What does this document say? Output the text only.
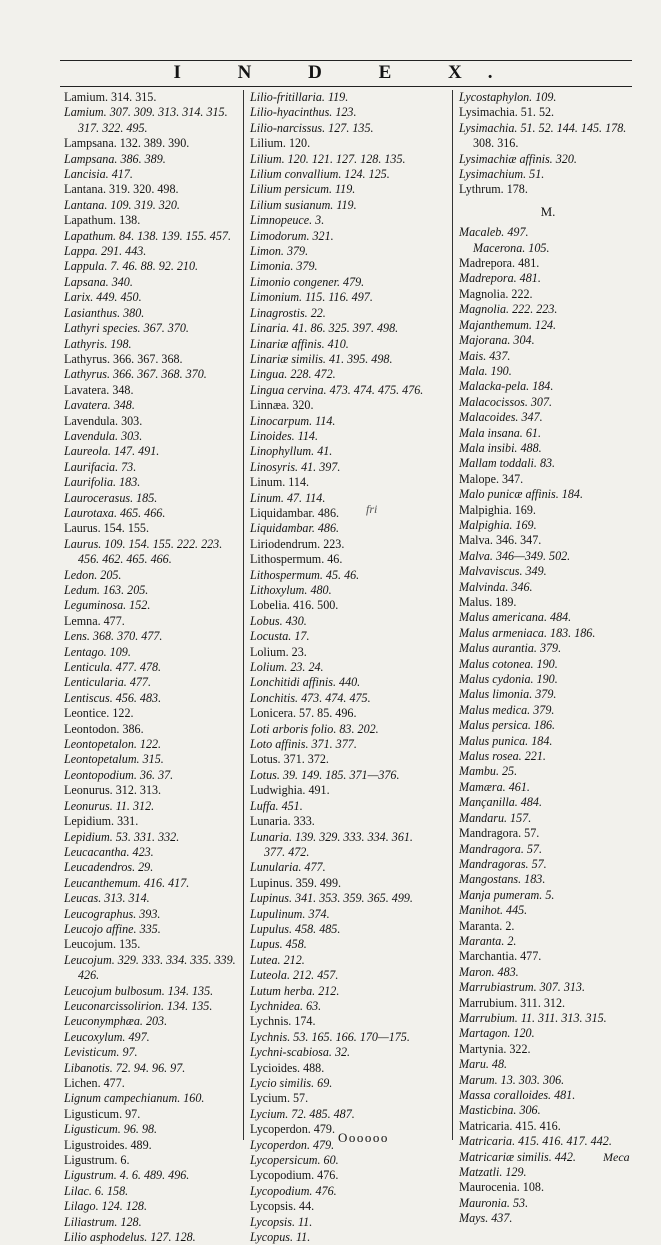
I N D E X.
Lamium. 314. 315.
Lamium. 307. 309. 313. 314. 315.
317. 322. 495.
Lampsana. 132. 389. 390.
Lampsana. 386. 389.
Lancisia. 417.
Lantana. 319. 320. 498.
Lantana. 109. 319. 320.
Lapathum. 138.
Lapathum. 84. 138. 139. 155. 457.
Lappa. 291. 443.
Lappula. 7. 46. 88. 92. 210.
Lapsana. 340.
Larix. 449. 450.
Lasianthus. 380.
Lathyri species. 367. 370.
Lathyris. 198.
Lathyrus. 366. 367. 368.
Lathyrus. 366. 367. 368. 370.
Lavatera. 348.
Lavatera. 348.
Lavendula. 303.
Lavendula. 303.
Laureola. 147. 491.
Laurifacia. 73.
Laurifolia. 183.
Laurocerasus. 185.
Laurotaxa. 465. 466.
Laurus. 154. 155.
Laurus. 109. 154. 155. 222. 223.
456. 462. 465. 466.
Ledon. 205.
Ledum. 163. 205.
Leguminosa. 152.
Lemna. 477.
Lens. 368. 370. 477.
Lentago. 109.
Lenticula. 477. 478.
Lenticularia. 477.
Lentiscus. 456. 483.
Leontice. 122.
Leontodon. 386.
Leontopetalon. 122.
Leontopetalum. 315.
Leontopodium. 36. 37.
Leonurus. 312. 313.
Leonurus. 11. 312.
Lepidium. 331.
Lepidium. 53. 331. 332.
Leucacantha. 423.
Leucadendros. 29.
Leucanthemum. 416. 417.
Leucas. 313. 314.
Leucographus. 393.
Leucojo affine. 335.
Leucojum. 135.
Leucojum. 329. 333. 334. 335. 339.
426.
Leucojum bulbosum. 134. 135.
Leuconarcissolirion. 134. 135.
Leuconymphæa. 203.
Leucoxylum. 497.
Levisticum. 97.
Libanotis. 72. 94. 96. 97.
Lichen. 477.
Lignum campechianum. 160.
Ligusticum. 97.
Ligusticum. 96. 98.
Ligustroides. 489.
Ligustrum. 6.
Ligustrum. 4. 6. 489. 496.
Lilac. 6. 158.
Lilago. 124. 128.
Liliastrum. 128.
Lilio asphodelus. 127. 128.
Lilio-fritillaria. 119.
Lilio-hyacinthus. 123.
Lilio-narcissus. 127. 135.
Lilium. 120.
Lilium. 120. 121. 127. 128. 135.
Lilium convallium. 124. 125.
Lilium persicum. 119.
Lilium susianum. 119.
Limnopeuce. 3.
Limodorum. 321.
Limon. 379.
Limonia. 379.
Limonio congener. 479.
Limonium. 115. 116. 497.
Linagrostis. 22.
Linaria. 41. 86. 325. 397. 498.
Linariæ affinis. 410.
Linariæ similis. 41. 395. 498.
Lingua. 228. 472.
Lingua cervina. 473. 474. 475. 476.
Linnæa. 320.
Linocarpum. 114.
Linoides. 114.
Linophyllum. 41.
Linosyris. 41. 397.
Linum. 114.
Linum. 47. 114.
Liquidambar. 486.
Liquidambar. 486.
Liriodendrum. 223.
Lithospermum. 46.
Lithospermum. 45. 46.
Lithoxylum. 480.
Lobelia. 416. 500.
Lobus. 430.
Locusta. 17.
Lolium. 23.
Lolium. 23. 24.
Lonchitidi affinis. 440.
Lonchitis. 473. 474. 475.
Lonicera. 57. 85. 496.
Loti arboris folio. 83. 202.
Loto affinis. 371. 377.
Lotus. 371. 372.
Lotus. 39. 149. 185. 371—376.
Ludwighia. 491.
Luffa. 451.
Lunaria. 333.
Lunaria. 139. 329. 333. 334. 361.
377. 472.
Lunularia. 477.
Lupinus. 359. 499.
Lupinus. 341. 353. 359. 365. 499.
Lupulinum. 374.
Lupulus. 458. 485.
Lupus. 458.
Lutea. 212.
Luteola. 212. 457.
Lutum herba. 212.
Lychnidea. 63.
Lychnis. 174.
Lychnis. 53. 165. 166. 170—175.
Lychni-scabiosa. 32.
Lycioides. 488.
Lycio similis. 69.
Lycium. 57.
Lycium. 72. 485. 487.
Lycoperdon. 479.
Lycoperdon. 479.
Lycopersicum. 60.
Lycopodium. 476.
Lycopodium. 476.
Lycopsis. 44.
Lycopsis. 11.
Lycopus. 11.
Lycostaphylon. 109.
Lysimachia. 51. 52.
Lysimachia. 51. 52. 144. 145. 178.
308. 316.
Lysimachiæ affinis. 320.
Lysimachium. 51.
Lythrum. 178.
M.
Macaleb. 497.
Macerona. 105.
Madrepora. 481.
Madrepora. 481.
Magnolia. 222.
Magnolia. 222. 223.
Majanthemum. 124.
Majorana. 304.
Mais. 437.
Mala. 190.
Malacka-pela. 184.
Malacocissos. 307.
Malacoides. 347.
Mala insana. 61.
Mala insibi. 488.
Mallam toddali. 83.
Malope. 347.
Malo punicæ affinis. 184.
Malpighia. 169.
Malpighia. 169.
Malva. 346. 347.
Malva. 346—349. 502.
Malvaviscus. 349.
Malvinda. 346.
Malus. 189.
Malus americana. 484.
Malus armeniaca. 183. 186.
Malus aurantia. 379.
Malus cotonea. 190.
Malus cydonia. 190.
Malus limonia. 379.
Malus medica. 379.
Malus persica. 186.
Malus punica. 184.
Malus rosea. 221.
Mambu. 25.
Mamæra. 461.
Mançanilla. 484.
Mandaru. 157.
Mandragora. 57.
Mandragora. 57.
Mandragoras. 57.
Mangostans. 183.
Manja pumeram. 5.
Manihot. 445.
Maranta. 2.
Maranta. 2.
Marchantia. 477.
Maron. 483.
Marrubiastrum. 307. 313.
Marrubium. 311. 312.
Marrubium. 11. 311. 313. 315.
Martagon. 120.
Martynia. 322.
Maru. 48.
Marum. 13. 303. 306.
Massa coralloides. 481.
Masticbina. 306.
Matricaria. 415. 416.
Matricaria. 415. 416. 417. 442.
Matricariæ similis. 442.
Matzatli. 129.
Maurocenia. 108.
Mauronia. 53.
Mays. 437.
fri
Oooooo
Meca
